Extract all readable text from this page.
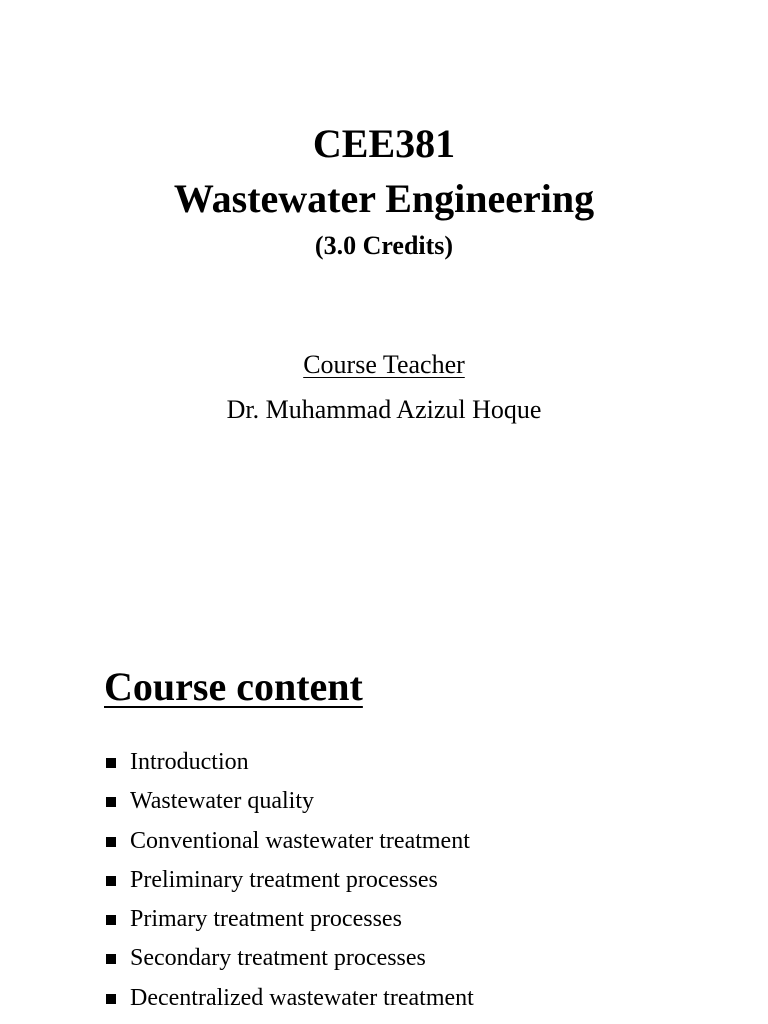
CEE381
Wastewater Engineering
(3.0 Credits)
Course Teacher
Dr. Muhammad Azizul Hoque
Course content
Introduction
Wastewater quality
Conventional wastewater treatment
Preliminary treatment processes
Primary treatment processes
Secondary treatment processes
Decentralized wastewater treatment
